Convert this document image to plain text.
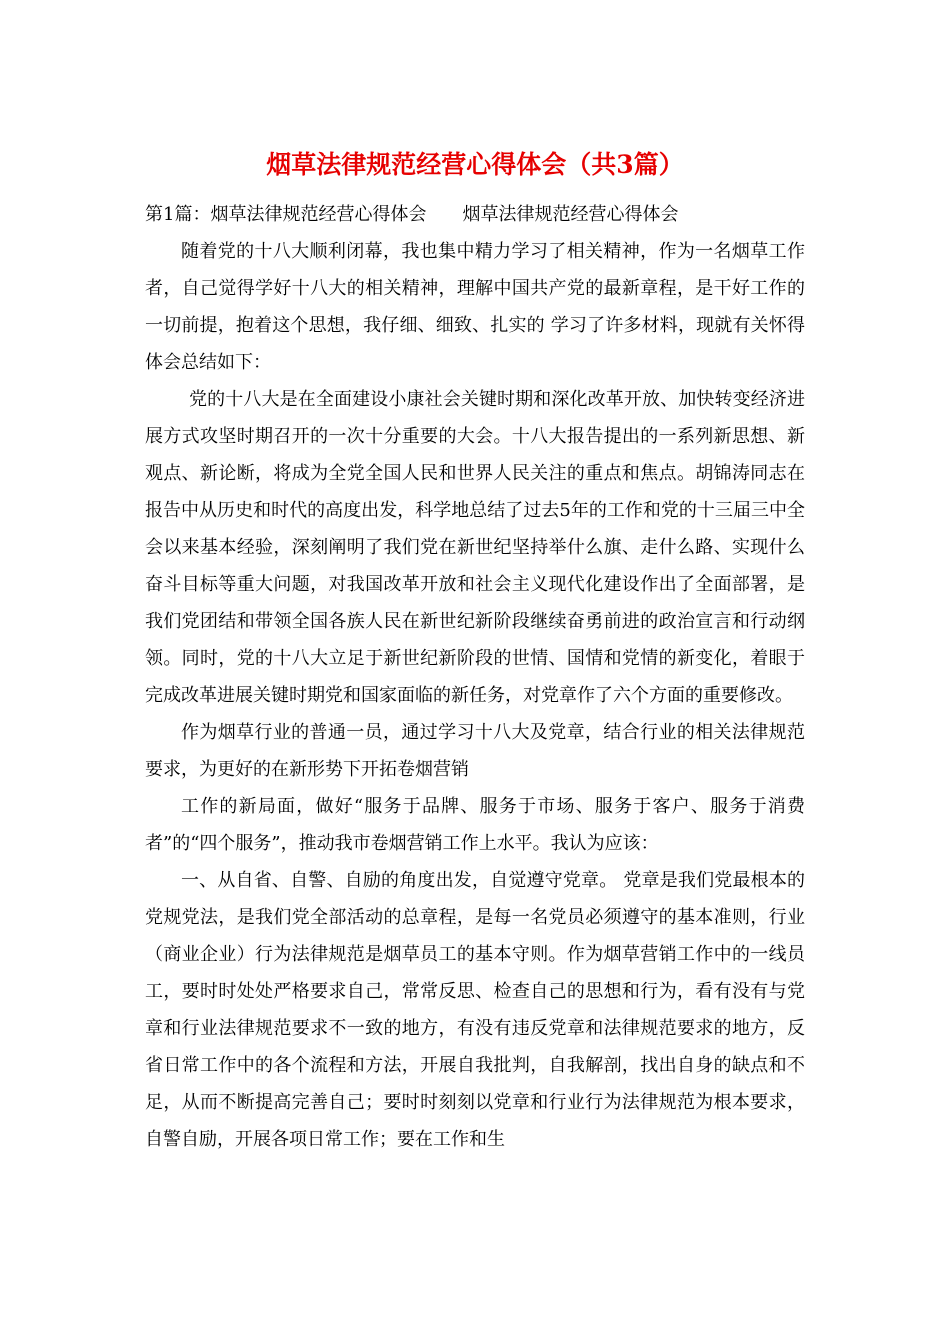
烟草法律规范经营心得体会（共3篇）

第1篇：烟草法律规范经营心得体会 烟草法律规范经营心得体会

随着党的十八大顺利闭幕，我也集中精力学习了相关精神，作为一名烟草工作者，自己觉得学好十八大的相关精神，理解中国共产党的最新章程，是干好工作的一切前提，抱着这个思想，我仔细、细致、扎实的 学习了许多材料，现就有关怀得体会总结如下：

党的十八大是在全面建设小康社会关键时期和深化改革开放、加快转变经济进展方式攻坚时期召开的一次十分重要的大会。十八大报告提出的一系列新思想、新观点、新论断，将成为全党全国人民和世界人民关注的重点和焦点。胡锦涛同志在报告中从历史和时代的高度出发，科学地总结了过去5年的工作和党的十三届三中全会以来基本经验，深刻阐明了我们党在新世纪坚持举什么旗、走什么路、实现什么奋斗目标等重大问题，对我国改革开放和社会主义现代化建设作出了全面部署，是我们党团结和带领全国各族人民在新世纪新阶段继续奋勇前进的政治宣言和行动纲领。同时，党的十八大立足于新世纪新阶段的世情、国情和党情的新变化，着眼于完成改革进展关键时期党和国家面临的新任务，对党章作了六个方面的重要修改。

作为烟草行业的普通一员，通过学习十八大及党章，结合行业的相关法律规范要求，为更好的在新形势下开拓卷烟营销

工作的新局面，做好“服务于品牌、服务于市场、服务于客户、服务于消费者”的“四个服务”，推动我市卷烟营销工作上水平。我认为应该：

一、从自省、自警、自励的角度出发，自觉遵守党章。 党章是我们党最根本的党规党法，是我们党全部活动的总章程，是每一名党员必须遵守的基本准则，行业（商业企业）行为法律规范是烟草员工的基本守则。作为烟草营销工作中的一线员工，要时时处处严格要求自己，常常反思、检查自己的思想和行为，看有没有与党章和行业法律规范要求不一致的地方，有没有违反党章和法律规范要求的地方，反省日常工作中的各个流程和方法，开展自我批判，自我解剖，找出自身的缺点和不足，从而不断提高完善自己；要时时刻刻以党章和行业行为法律规范为根本要求，自警自励，开展各项日常工作；要在工作和生
